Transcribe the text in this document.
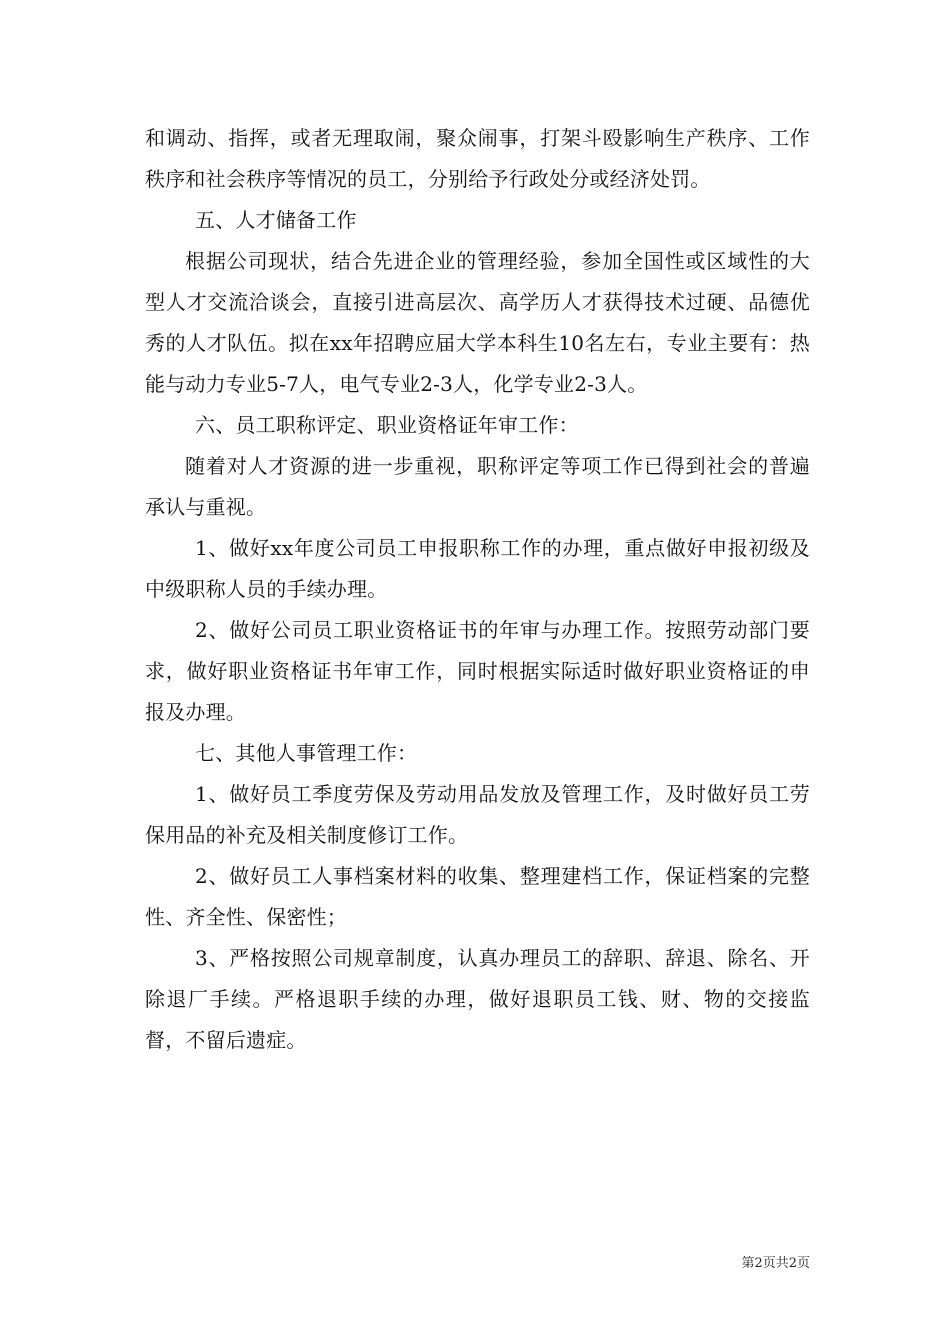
和调动、指挥，或者无理取闹，聚众闹事，打架斗殴影响生产秩序、工作秩序和社会秩序等情况的员工，分别给予行政处分或经济处罚。

五、人才储备工作

根据公司现状，结合先进企业的管理经验，参加全国性或区域性的大型人才交流洽谈会，直接引进高层次、高学历人才获得技术过硬、品德优秀的人才队伍。拟在xx年招聘应届大学本科生10名左右，专业主要有：热能与动力专业5-7人，电气专业2-3人，化学专业2-3人。

六、员工职称评定、职业资格证年审工作：

随着对人才资源的进一步重视，职称评定等项工作已得到社会的普遍承认与重视。

1、做好xx年度公司员工申报职称工作的办理，重点做好申报初级及中级职称人员的手续办理。

2、做好公司员工职业资格证书的年审与办理工作。按照劳动部门要求，做好职业资格证书年审工作，同时根据实际适时做好职业资格证的申报及办理。

七、其他人事管理工作：

1、做好员工季度劳保及劳动用品发放及管理工作，及时做好员工劳保用品的补充及相关制度修订工作。

2、做好员工人事档案材料的收集、整理建档工作，保证档案的完整性、齐全性、保密性；

3、严格按照公司规章制度，认真办理员工的辞职、辞退、除名、开除退厂手续。严格退职手续的办理，做好退职员工钱、财、物的交接监督，不留后遗症。

第2页共2页
